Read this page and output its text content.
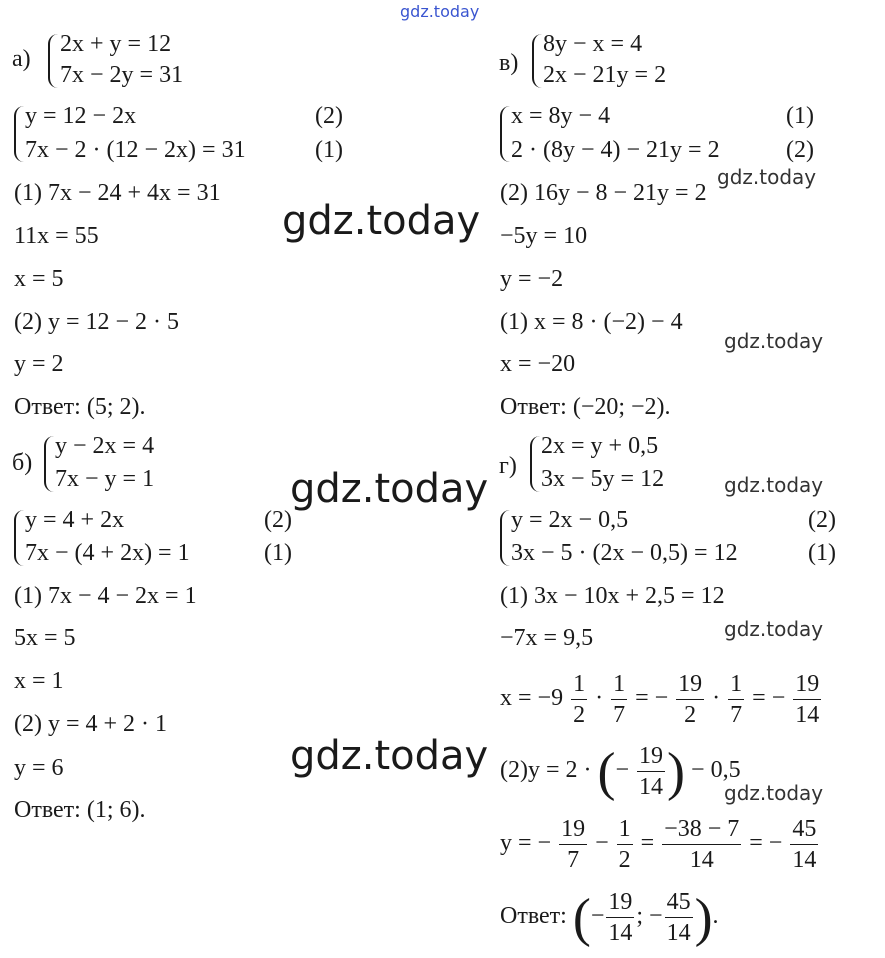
gdz.today
gdz.today
gdz.today
gdz.today
gdz.today
gdz.today
gdz.today
gdz.today
gdz.today
а)
2x + y = 12
7x − 2y = 31
y = 12 − 2x
7x − 2 · (12 − 2x) = 31
(2)
(1)
(1) 7x − 24 + 4x = 31
11x = 55
x = 5
(2) y = 12 − 2 · 5
y = 2
Ответ: (5; 2).
б)
y − 2x = 4
7x − y = 1
y = 4 + 2x
7x − (4 + 2x) = 1
(2)
(1)
(1) 7x − 4 − 2x = 1
5x = 5
x = 1
(2) y = 4 + 2 · 1
y = 6
Ответ: (1; 6).
в)
8y − x = 4
2x − 21y = 2
x = 8y − 4
2 · (8y − 4) − 21y = 2
(1)
(2)
(2) 16y − 8 − 21y = 2
−5y = 10
y = −2
(1) x = 8 · (−2) − 4
x = −20
Ответ: (−20; −2).
г)
2x = y + 0,5
3x − 5y = 12
y = 2x − 0,5
3x − 5 · (2x − 0,5) = 12
(2)
(1)
(1) 3x − 10x + 2,5 = 12
−7x = 9,5
$x = -9 \frac{1}{2} \cdot \frac{1}{7}$ = − $\frac{19}{2} \cdot \frac{1}{7}$ = − $\frac{19}{14}$
(2)y = 2 · (− $\frac{19}{14}$ ) − 0,5
y = − $\frac{19}{7} - \frac{1}{2} = \frac{-38 - 7}{14}$ = − $\frac{45}{14}$
Ответ: (− $\frac{19}{14}$ ; − $\frac{45}{14}$ ).
